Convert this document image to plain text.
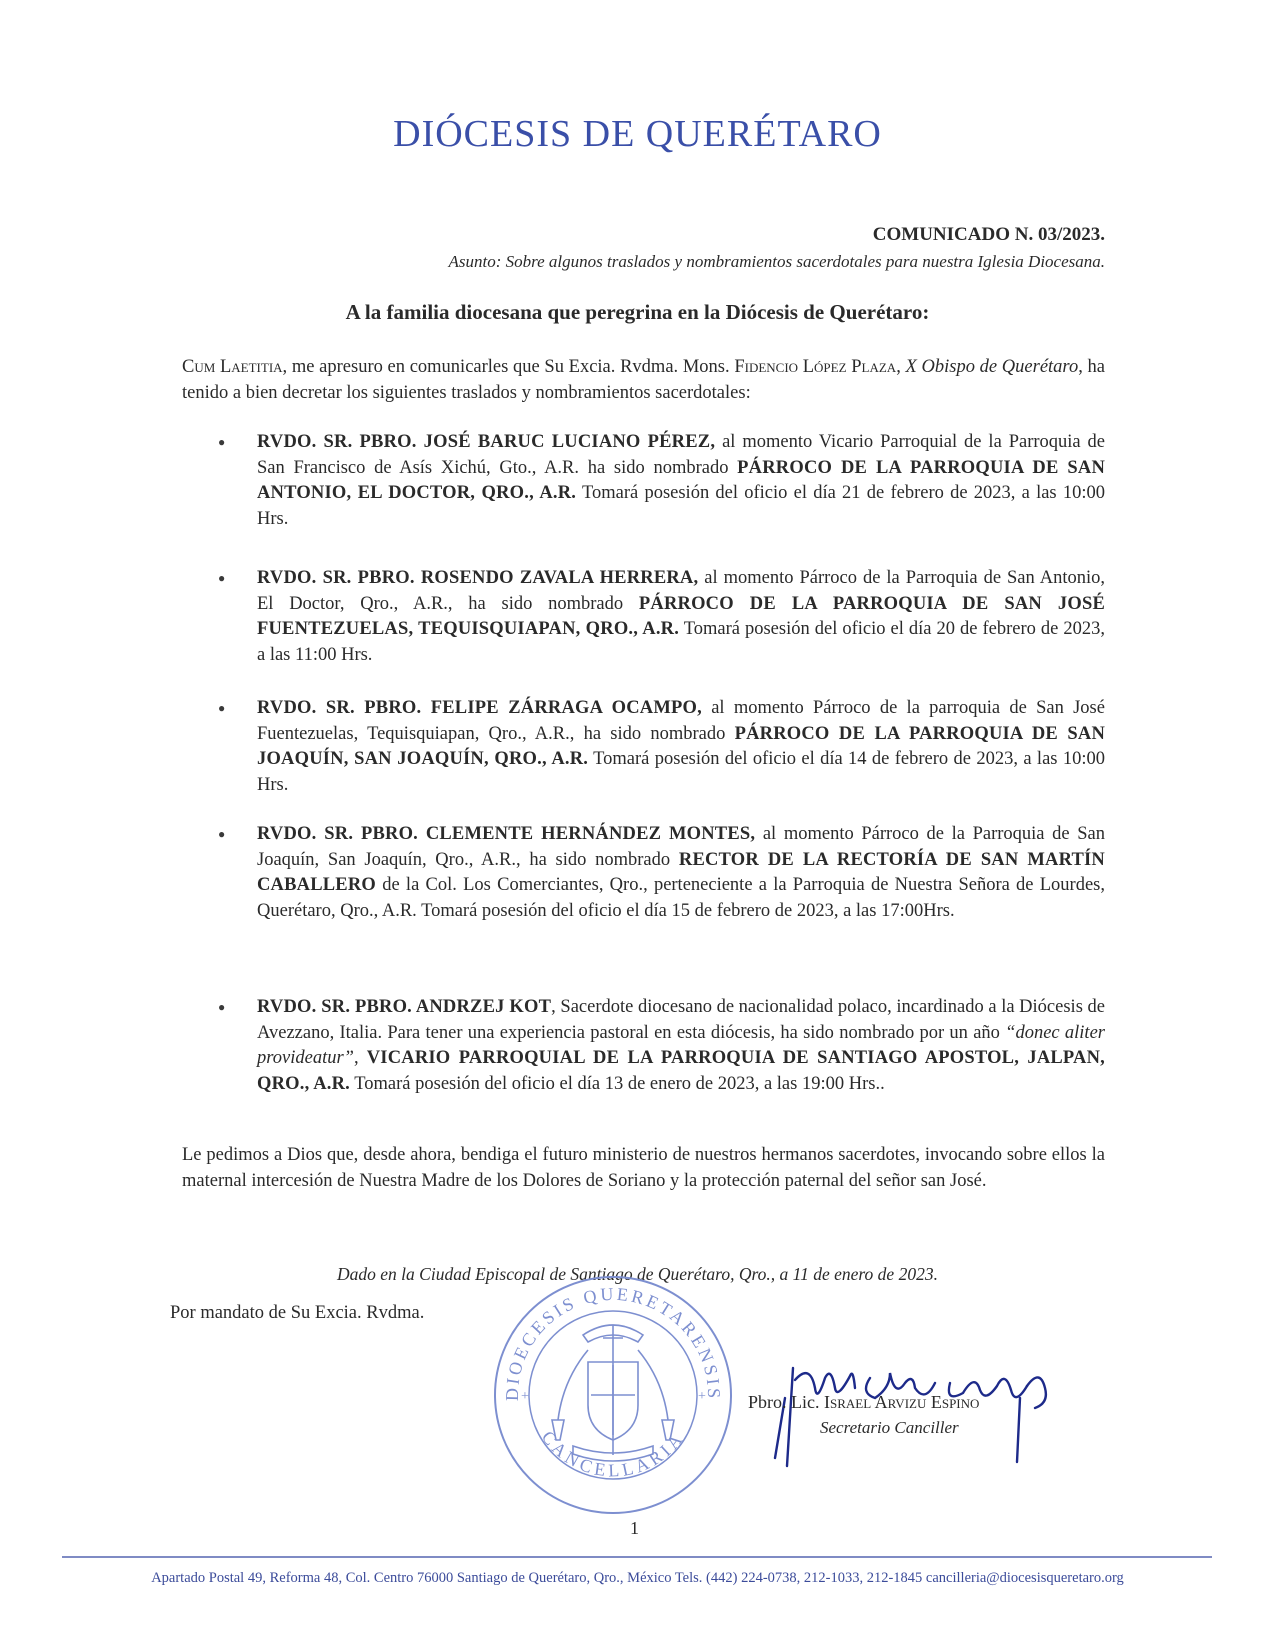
DIÓCESIS DE QUERÉTARO
COMUNICADO N. 03/2023.
Asunto: Sobre algunos traslados y nombramientos sacerdotales para nuestra Iglesia Diocesana.
A la familia diocesana que peregrina en la Diócesis de Querétaro:
Cum Laetitia, me apresuro en comunicarles que Su Excia. Rvdma. Mons. Fidencio López Plaza, X Obispo de Querétaro, ha tenido a bien decretar los siguientes traslados y nombramientos sacerdotales:
● RVDO. SR. PBRO. JOSÉ BARUC LUCIANO PÉREZ, al momento Vicario Parroquial de la Parroquia de San Francisco de Asís Xichú, Gto., A.R. ha sido nombrado PÁRROCO DE LA PARROQUIA DE SAN ANTONIO, EL DOCTOR, QRO., A.R. Tomará posesión del oficio el día 21 de febrero de 2023, a las 10:00 Hrs.
● RVDO. SR. PBRO. ROSENDO ZAVALA HERRERA, al momento Párroco de la Parroquia de San Antonio, El Doctor, Qro., A.R., ha sido nombrado PÁRROCO DE LA PARROQUIA DE SAN JOSÉ FUENTEZUELAS, TEQUISQUIAPAN, QRO., A.R. Tomará posesión del oficio el día 20 de febrero de 2023, a las 11:00 Hrs.
● RVDO. SR. PBRO. FELIPE ZÁRRAGA OCAMPO, al momento Párroco de la parroquia de San José Fuentezuelas, Tequisquiapan, Qro., A.R., ha sido nombrado PÁRROCO DE LA PARROQUIA DE SAN JOAQUÍN, SAN JOAQUÍN, QRO., A.R. Tomará posesión del oficio el día 14 de febrero de 2023, a las 10:00 Hrs.
● RVDO. SR. PBRO. CLEMENTE HERNÁNDEZ MONTES, al momento Párroco de la Parroquia de San Joaquín, San Joaquín, Qro., A.R., ha sido nombrado RECTOR DE LA RECTORÍA DE SAN MARTÍN CABALLERO de la Col. Los Comerciantes, Qro., perteneciente a la Parroquia de Nuestra Señora de Lourdes, Querétaro, Qro., A.R. Tomará posesión del oficio el día 15 de febrero de 2023, a las 17:00Hrs.
● RVDO. SR. PBRO. ANDRZEJ KOT, Sacerdote diocesano de nacionalidad polaco, incardinado a la Diócesis de Avezzano, Italia. Para tener una experiencia pastoral en esta diócesis, ha sido nombrado por un año “donec aliter provideatur”, VICARIO PARROQUIAL DE LA PARROQUIA DE SANTIAGO APOSTOL, JALPAN, QRO., A.R. Tomará posesión del oficio el día 13 de enero de 2023, a las 19:00 Hrs..
Le pedimos a Dios que, desde ahora, bendiga el futuro ministerio de nuestros hermanos sacerdotes, invocando sobre ellos la maternal intercesión de Nuestra Madre de los Dolores de Soriano y la protección paternal del señor san José.
Dado en la Ciudad Episcopal de Santiago de Querétaro, Qro., a 11 de enero de 2023.
Por mandato de Su Excia. Rvdma.
DIOECESIS QUERETARENSIS
CANCELLARIA
+	+ Pbro. Lic. Israel Arvizu Espino
Secretario Canciller
1
Apartado Postal 49, Reforma 48, Col. Centro 76000 Santiago de Querétaro, Qro., México Tels. (442) 224-0738, 212-1033, 212-1845 cancilleria@diocesisqueretaro.org
